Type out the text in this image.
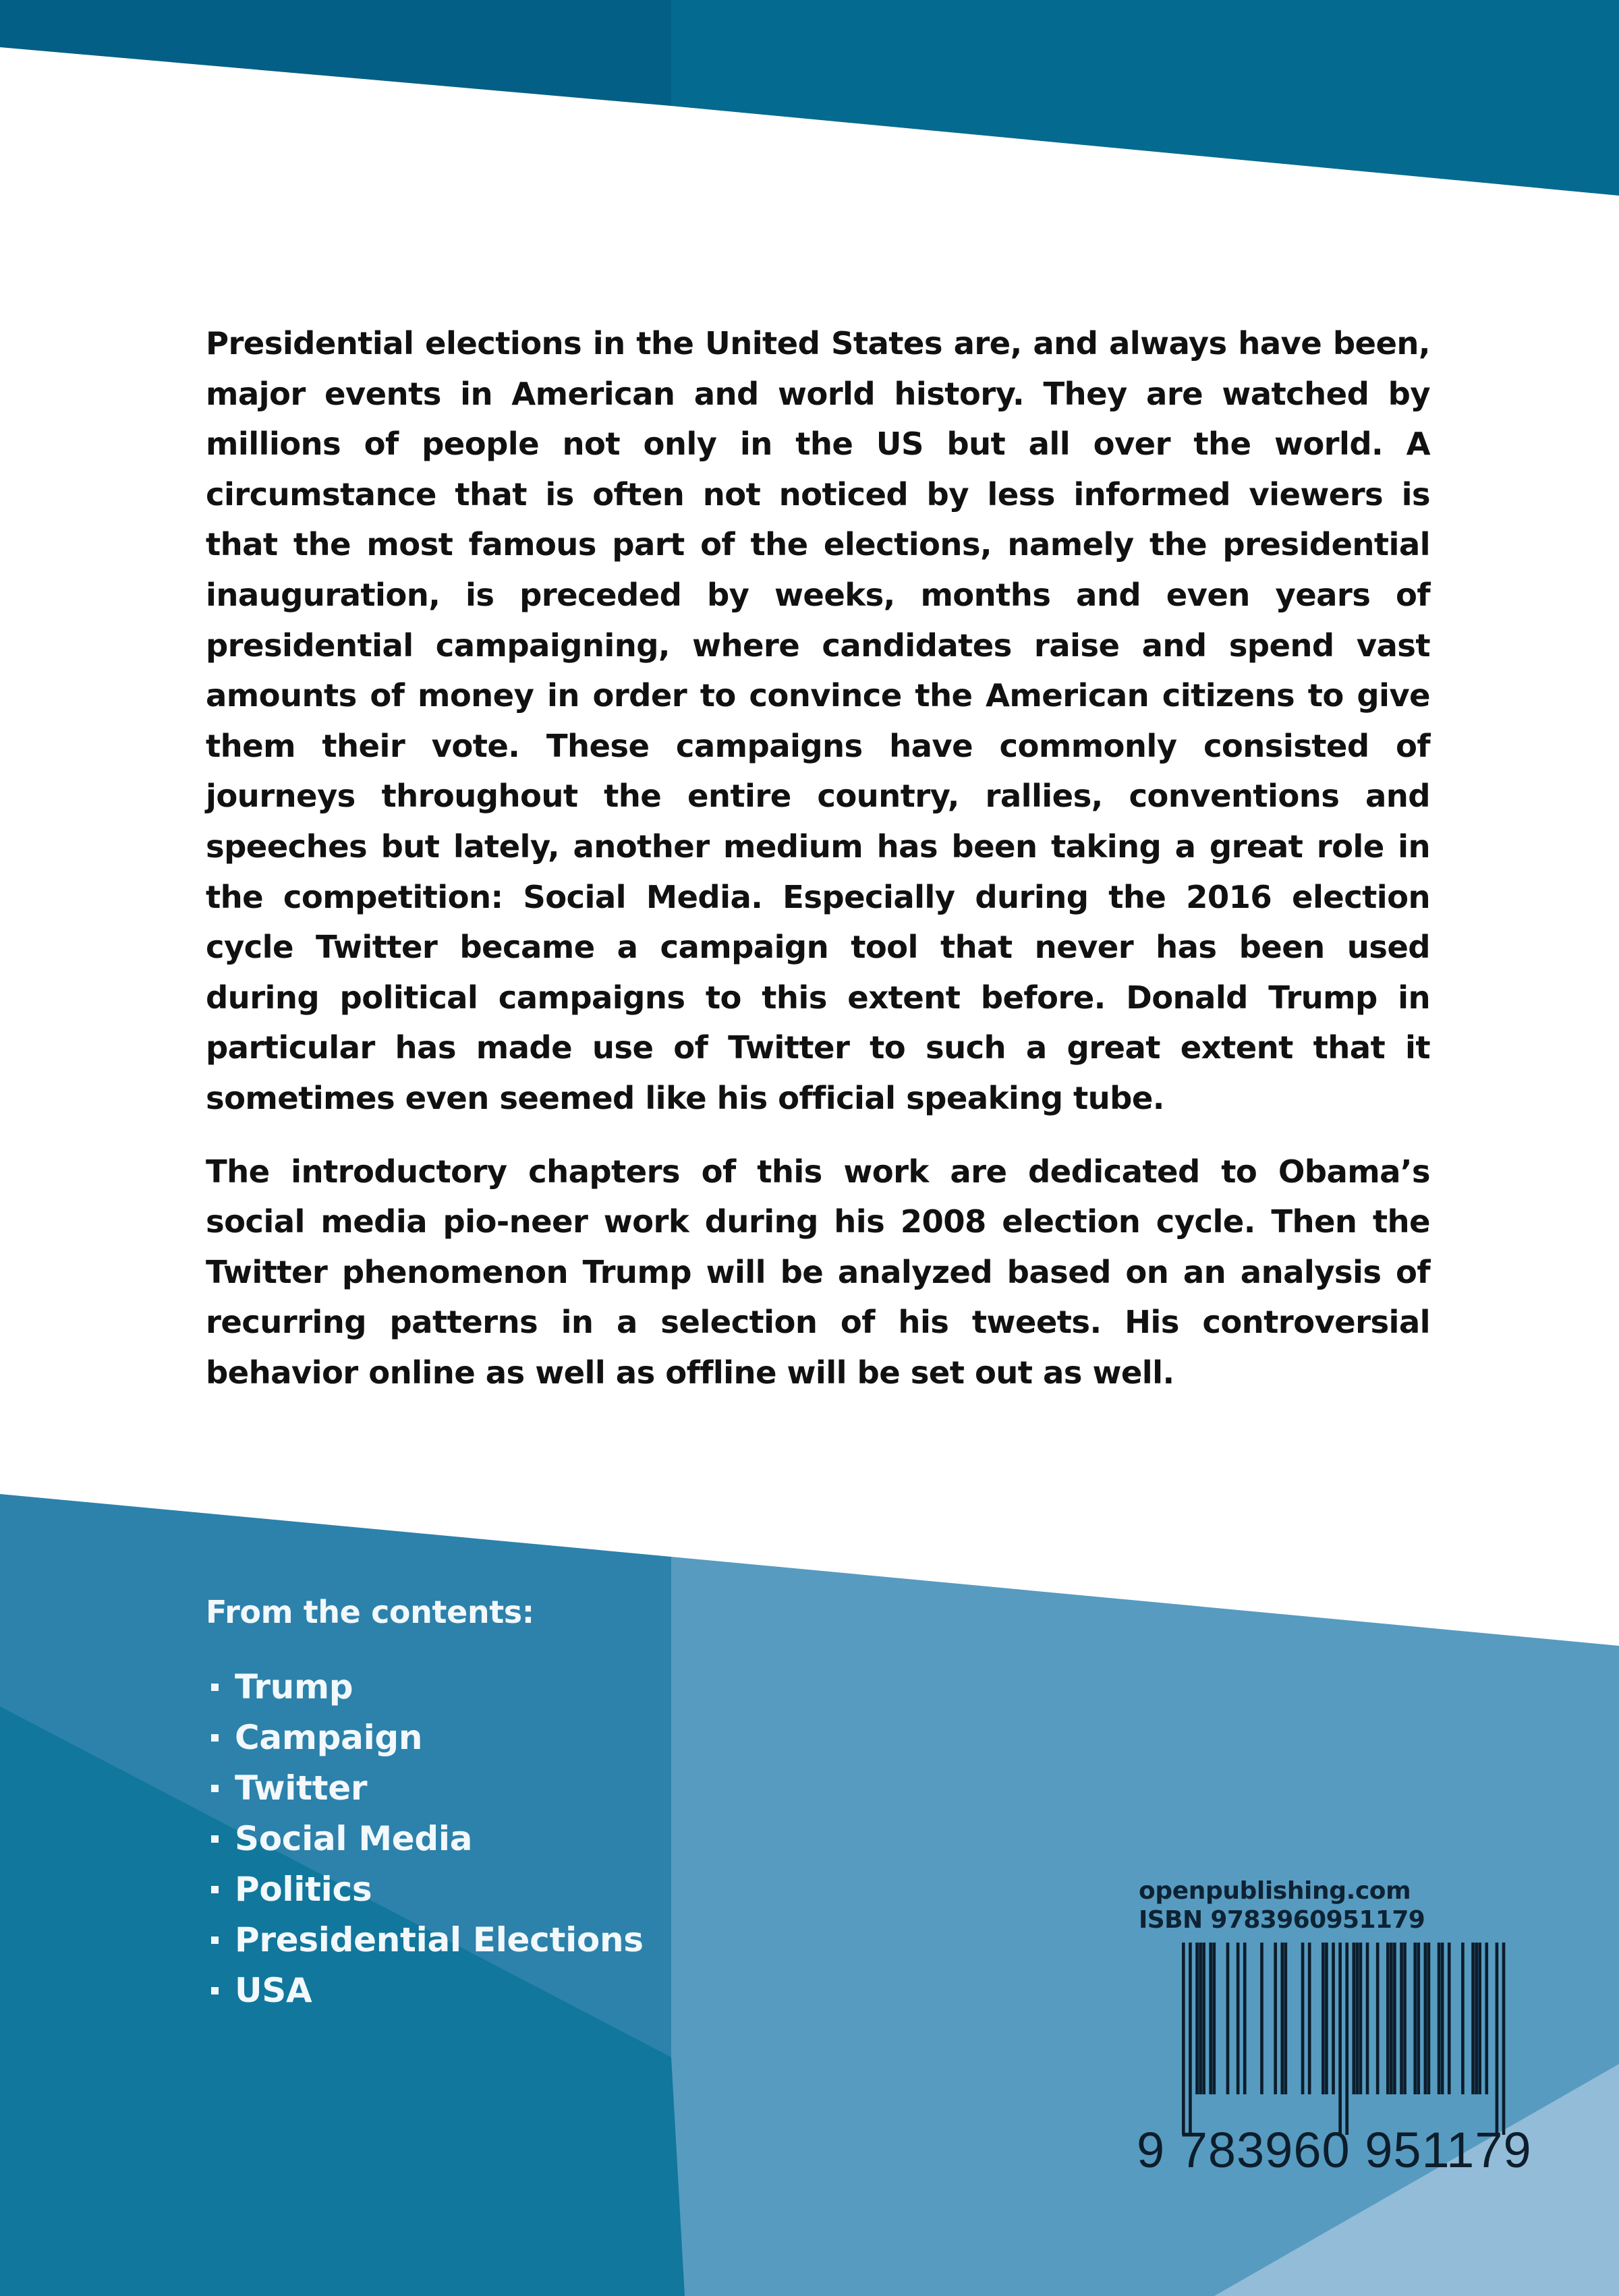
Presidential elections in the United States are, and always have been, major events in American and world history. They are watched by millions of people not only in the US but all over the world. A circumstance that is often not noticed by less informed viewers is that the most famous part of the elections, namely the presidential inauguration, is preceded by weeks, months and even years of presidential campaigning, where candidates raise and spend vast amounts of money in order to convince the American citizens to give them their vote. These campaigns have commonly consisted of journeys throughout the entire country, rallies, conventions and speeches but lately, another medium has been taking a great role in the competition: Social Media. Especially during the 2016 election cycle Twitter became a campaign tool that never has been used during political campaigns to this extent before. Donald Trump in particular has made use of Twitter to such a great extent that it sometimes even seemed like his official speaking tube.

The introductory chapters of this work are dedicated to Obama’s social media pio-neer work during his 2008 election cycle. Then the Twitter phenomenon Trump will be analyzed based on an analysis of recurring patterns in a selection of his tweets. His controversial behavior online as well as offline will be set out as well.

From the contents:
Trump
Campaign
Twitter
Social Media
Politics
Presidential Elections
USA
openpublishing.com
ISBN 9783960951179
9 783960 951179
